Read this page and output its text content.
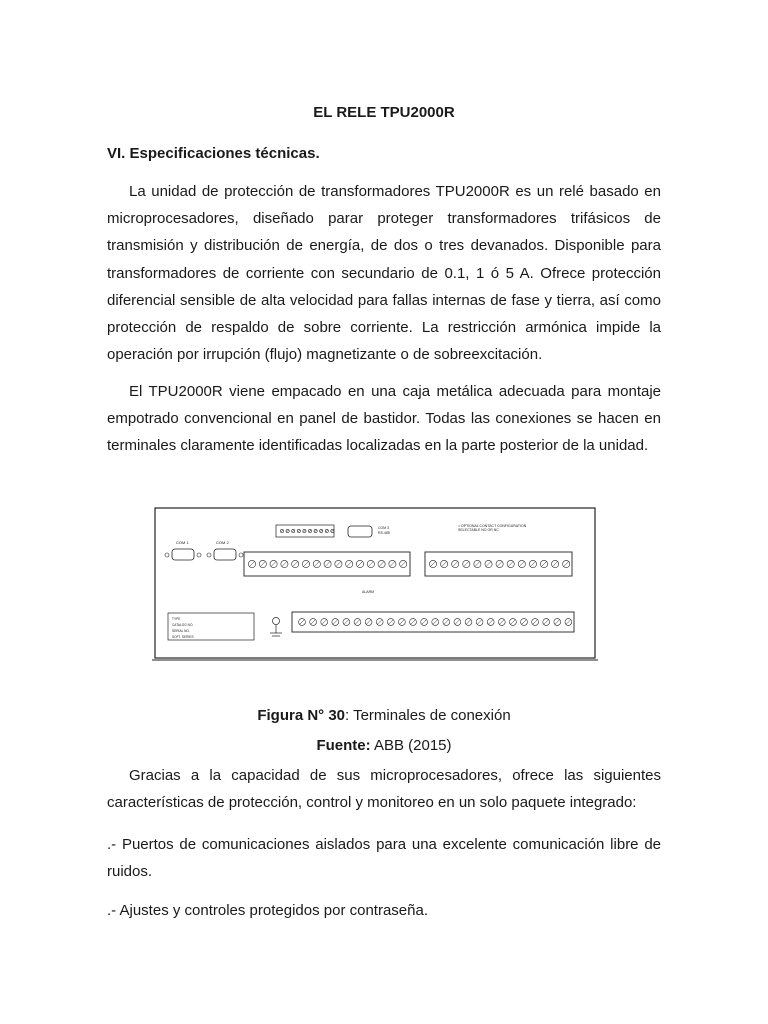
EL RELE TPU2000R
VI. Especificaciones técnicas.

La unidad de protección de transformadores TPU2000R es un relé basado en microprocesadores, diseñado parar proteger transformadores trifásicos de transmisión y distribución de energía, de dos o tres devanados. Disponible para transformadores de corriente con secundario de 0.1, 1 ó 5 A. Ofrece protección diferencial sensible de alta velocidad para fallas internas de fase y tierra, así como protección de respaldo de sobre corriente. La restricción armónica impide la operación por irrupción (flujo) magnetizante o de sobreexcitación.

El TPU2000R viene empacado en una caja metálica adecuada para montaje empotrado convencional en panel de bastidor. Todas las conexiones se hacen en terminales claramente identificadas localizadas en la parte posterior de la unidad.

COM 1	COM 2
COM 3
RS-485
= OPTIONAL CONTACT CONFIGURATION
SELECTABLE NO OR NC
ALARM
TYPE
CATALOG NO.
SERIAL NO.
SOFT. SERIES
Figura N° 30: Terminales de conexión
Fuente: ABB (2015)

Gracias a la capacidad de sus microprocesadores, ofrece las siguientes características de protección, control y monitoreo en un solo paquete integrado:

.- Puertos de comunicaciones aislados para una excelente comunicación libre de ruidos.

.- Ajustes y controles protegidos por contraseña.
